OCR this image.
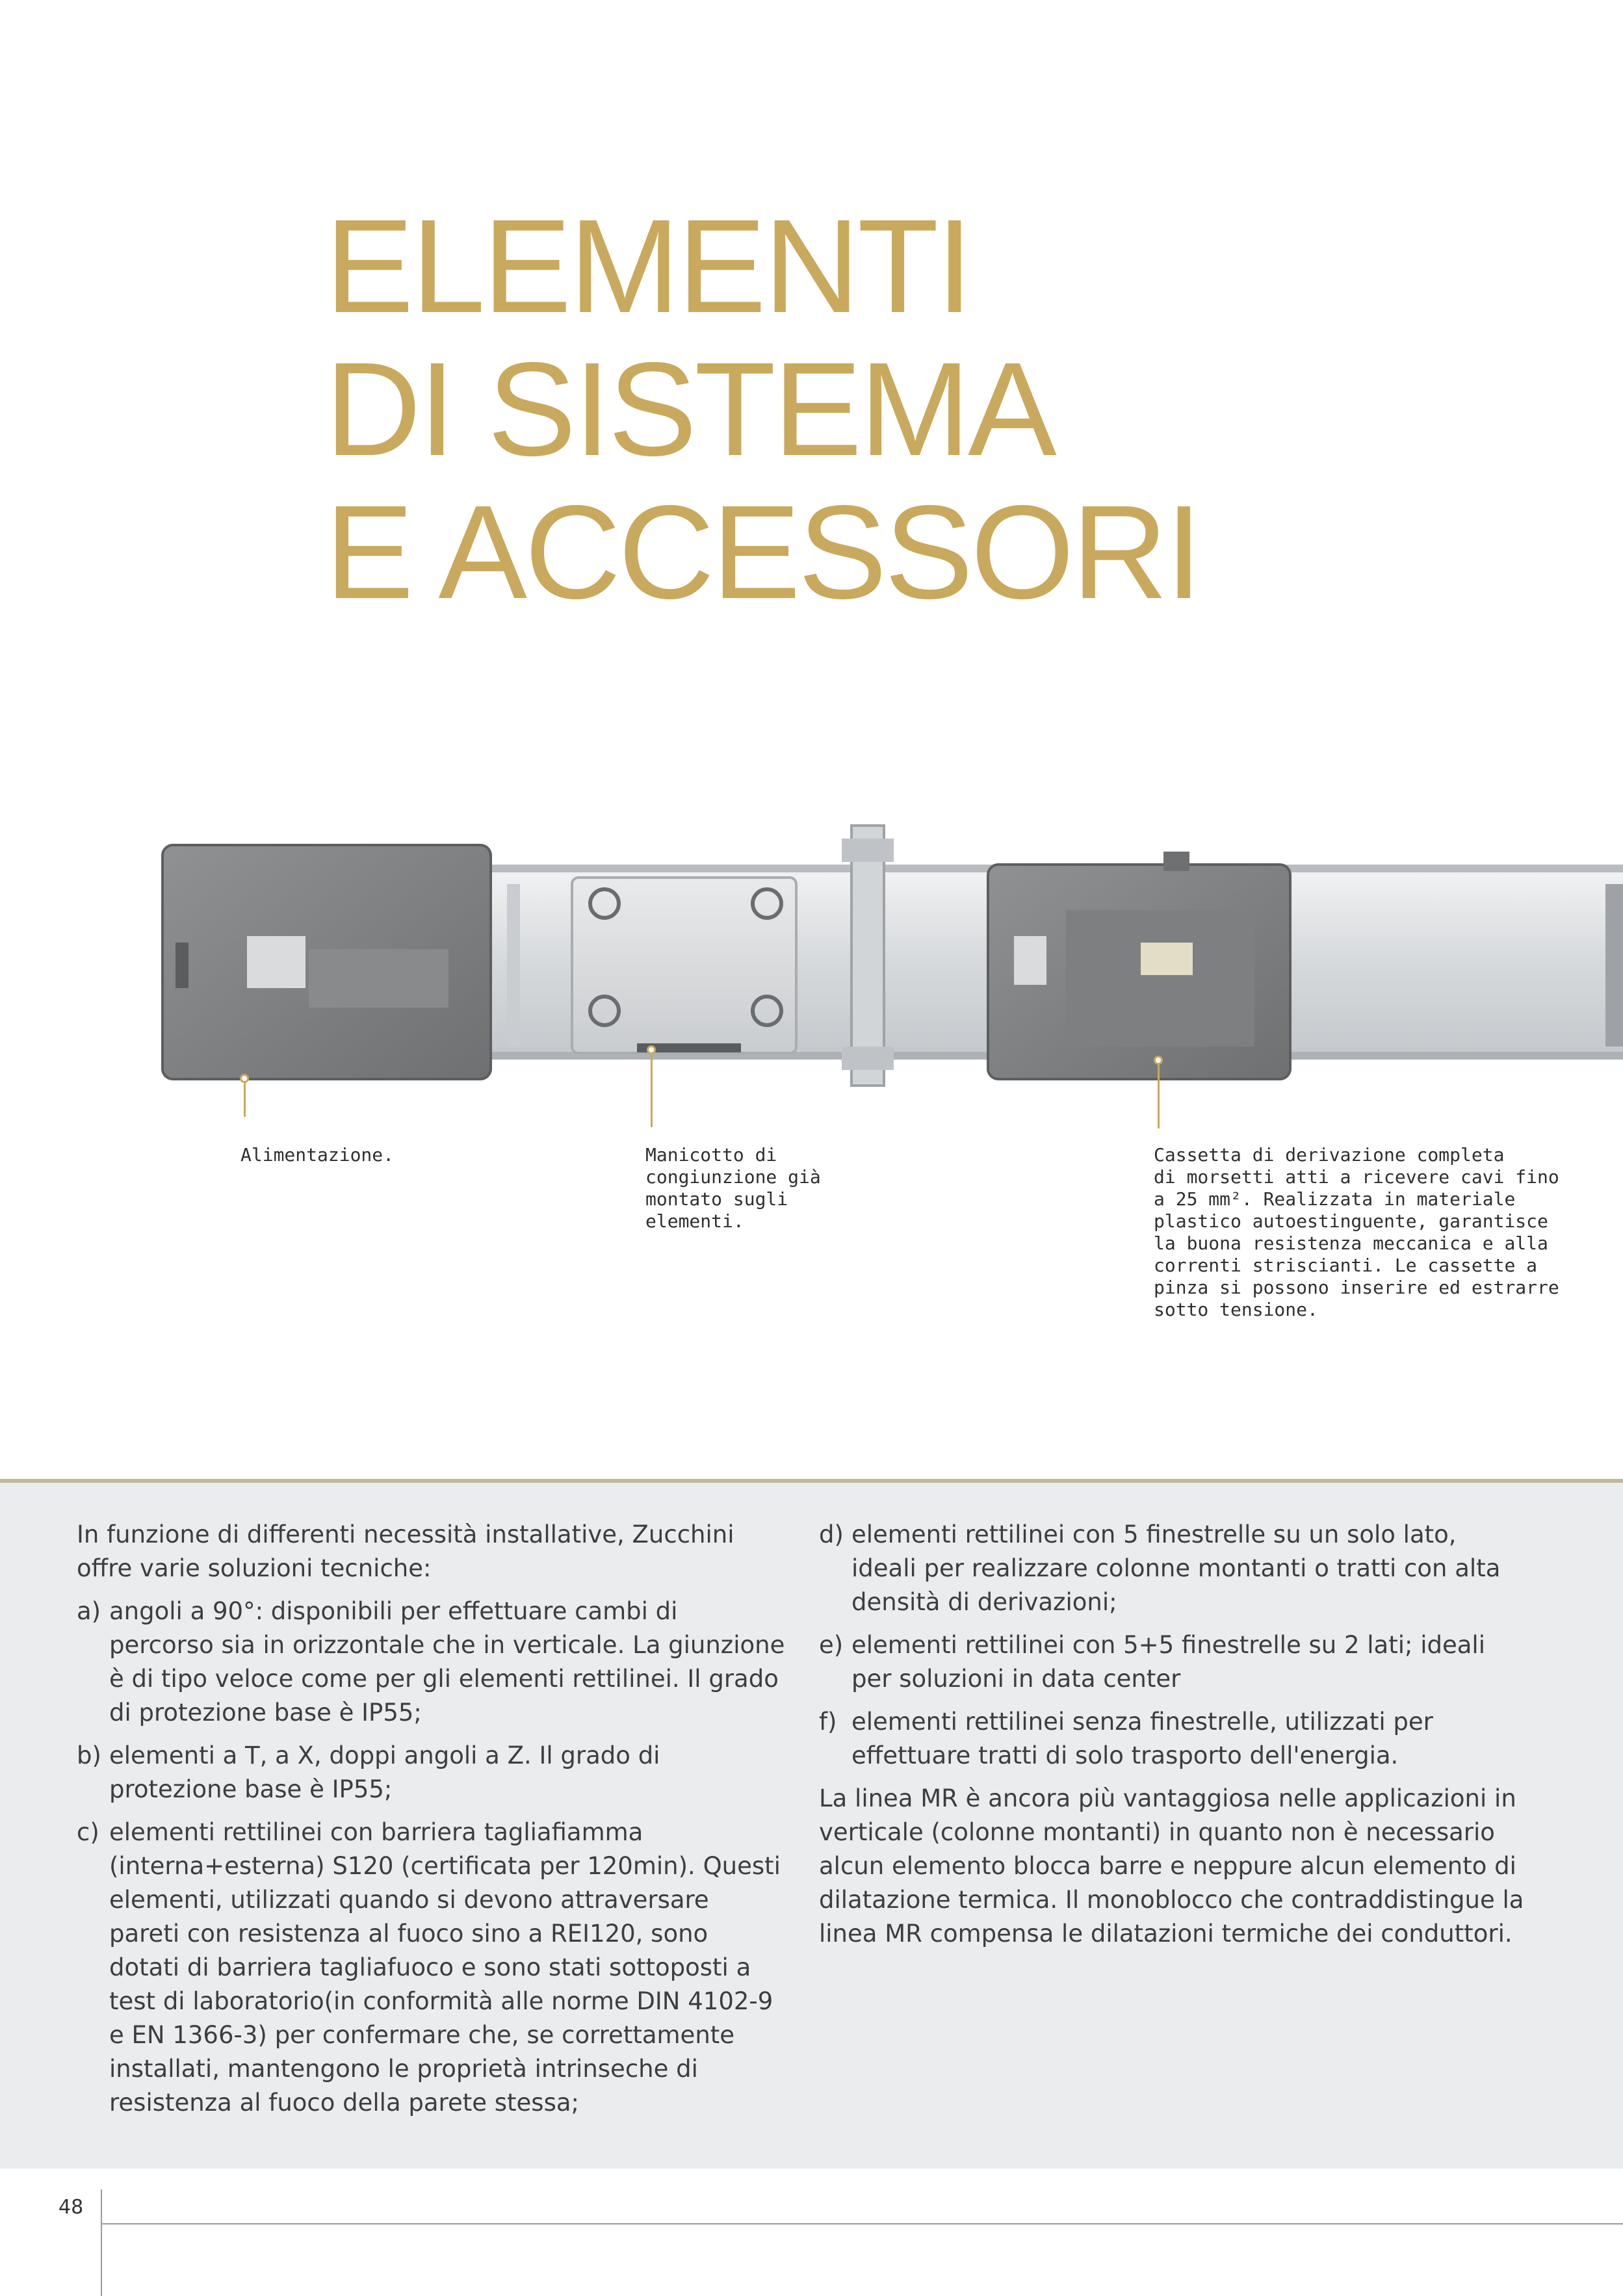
ELEMENTI
DI SISTEMA
E ACCESSORI
Alimentazione.	Manicotto di
congiunzione già
montato sugli
elementi.
Cassetta di derivazione completa
di morsetti atti a ricevere cavi fino
a 25 mm². Realizzata in materiale
plastico autoestinguente, garantisce
la buona resistenza meccanica e alla
correnti striscianti. Le cassette a
pinza si possono inserire ed estrarre
sotto tensione.

In funzione di differenti necessità installative, Zucchini offre varie soluzioni tecniche:

a) angoli a 90°: disponibili per effettuare cambi di percorso sia in orizzontale che in verticale. La giunzione è di tipo veloce come per gli elementi rettilinei. Il grado di protezione base è IP55;
b) elementi a T, a X, doppi angoli a Z. Il grado di protezione base è IP55;
c) elementi rettilinei con barriera tagliafiamma (interna+esterna) S120 (certificata per 120min). Questi elementi, utilizzati quando si devono attraversare pareti con resistenza al fuoco sino a REI120, sono dotati di barriera tagliafuoco e sono stati sottoposti a test di laboratorio(in conformità alle norme DIN 4102-9 e EN 1366-3) per confermare che, se correttamente installati, mantengono le proprietà intrinseche di resistenza al fuoco della parete stessa;
d) elementi rettilinei con 5 finestrelle su un solo lato, ideali per realizzare colonne montanti o tratti con alta densità di derivazioni;
e) elementi rettilinei con 5+5 finestrelle su 2 lati; ideali per soluzioni in data center
f) elementi rettilinei senza finestrelle, utilizzati per effettuare tratti di solo trasporto dell'energia.

La linea MR è ancora più vantaggiosa nelle applicazioni in verticale (colonne montanti) in quanto non è necessario alcun elemento blocca barre e neppure alcun elemento di dilatazione termica. Il monoblocco che contraddistingue la linea MR compensa le dilatazioni termiche dei conduttori.

48
